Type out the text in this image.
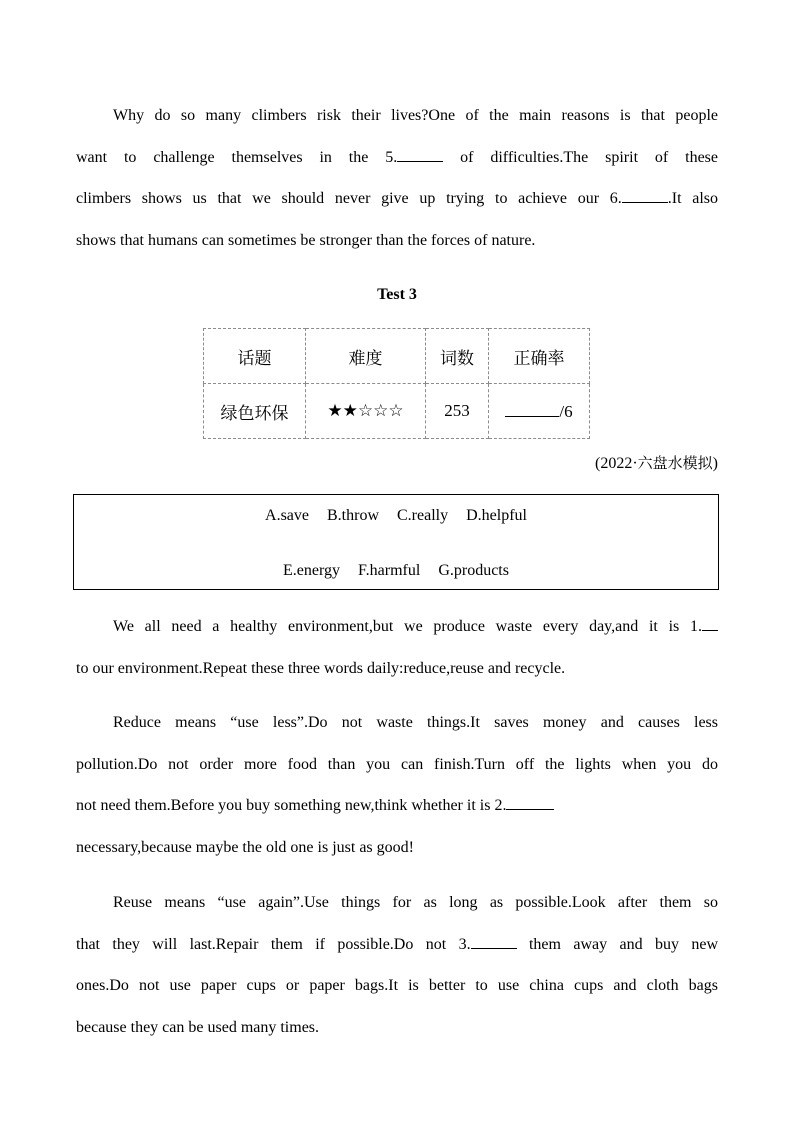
Why do so many climbers risk their lives?One of the main reasons is that people
want to challenge themselves in the 5.	of difficulties.The spirit of these
climbers shows us that we should never give up trying to achieve our 6.	.It also
shows that humans can sometimes be stronger than the forces of nature.
Test 3
话题	难度	词数	正确率
绿色环保	★★☆☆☆	253	/6
(2022·六盘水模拟)
A.save B.throw C.really D.helpful
E.energy F.harmful G.products
We all need a healthy environment,but we produce waste every day,and it is 1.
to our environment.Repeat these three words daily:reduce,reuse and recycle.
Reduce means “use less”.Do not waste things.It saves money and causes less
pollution.Do not order more food than you can finish.Turn off the lights when you do
not need them.Before you buy something new,think whether it is 2.
necessary,because maybe the old one is just as good!
Reuse means “use again”.Use things for as long as possible.Look after them so
that they will last.Repair them if possible.Do not 3.	them away and buy new
ones.Do not use paper cups or paper bags.It is better to use china cups and cloth bags
because they can be used many times.
